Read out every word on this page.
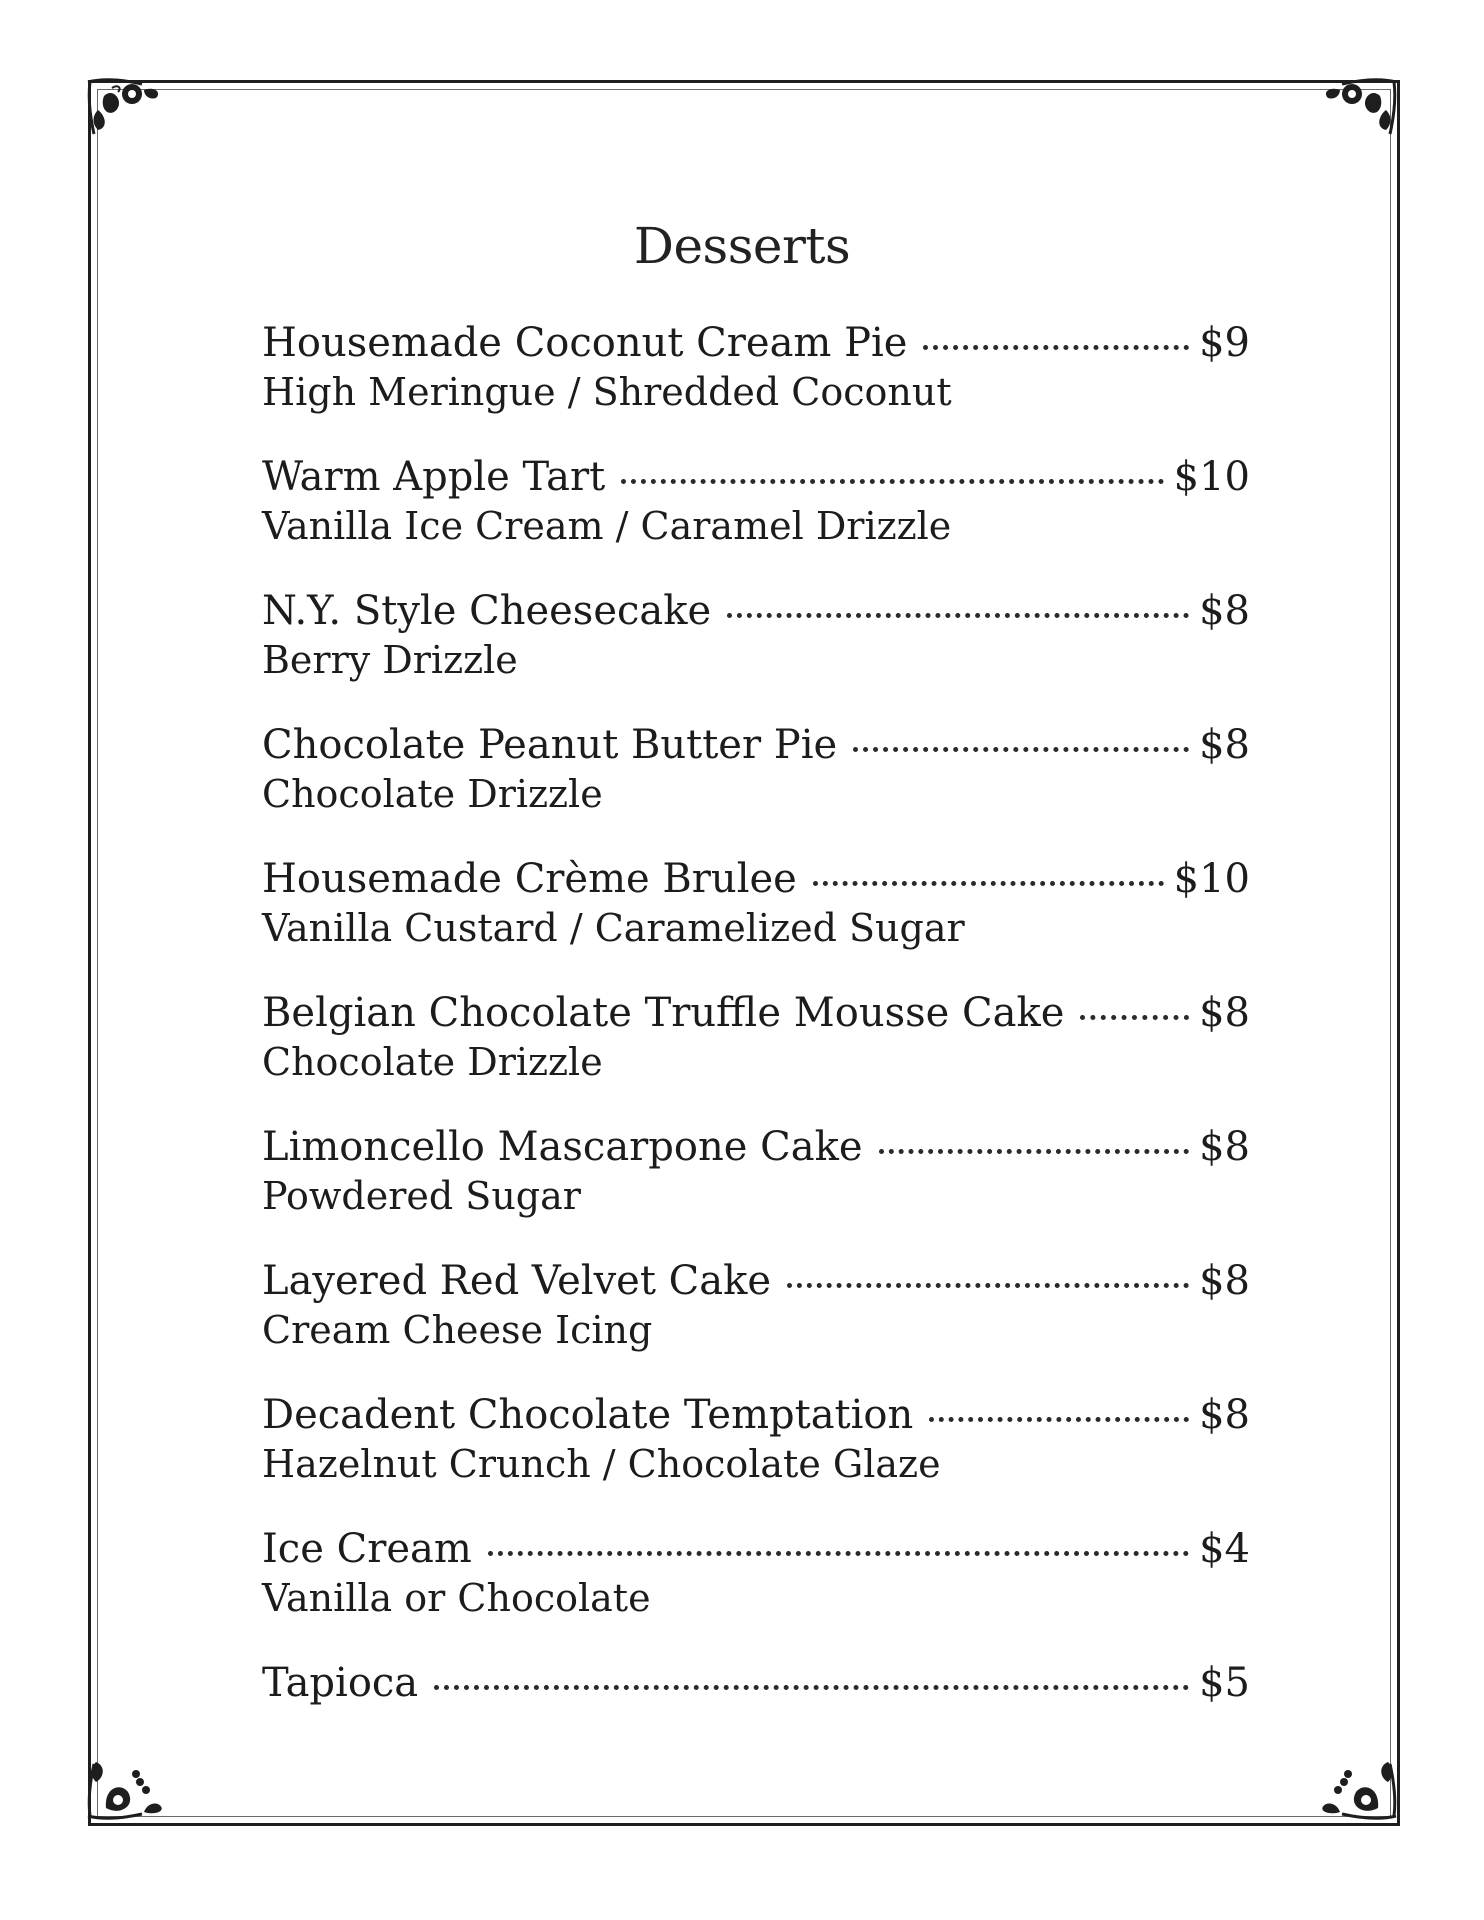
Desserts
Housemade Coconut Cream Pie	$9
High Meringue / Shredded Coconut
Warm Apple Tart	$10
Vanilla Ice Cream / Caramel Drizzle
N.Y. Style Cheesecake	$8
Berry Drizzle
Chocolate Peanut Butter Pie	$8
Chocolate Drizzle
Housemade Crème Brulee	$10
Vanilla Custard / Caramelized Sugar
Belgian Chocolate Truffle Mousse Cake	$8
Chocolate Drizzle
Limoncello Mascarpone Cake	$8
Powdered Sugar
Layered Red Velvet Cake	$8
Cream Cheese Icing
Decadent Chocolate Temptation	$8
Hazelnut Crunch / Chocolate Glaze
Ice Cream	$4
Vanilla or Chocolate
Tapioca	$5
